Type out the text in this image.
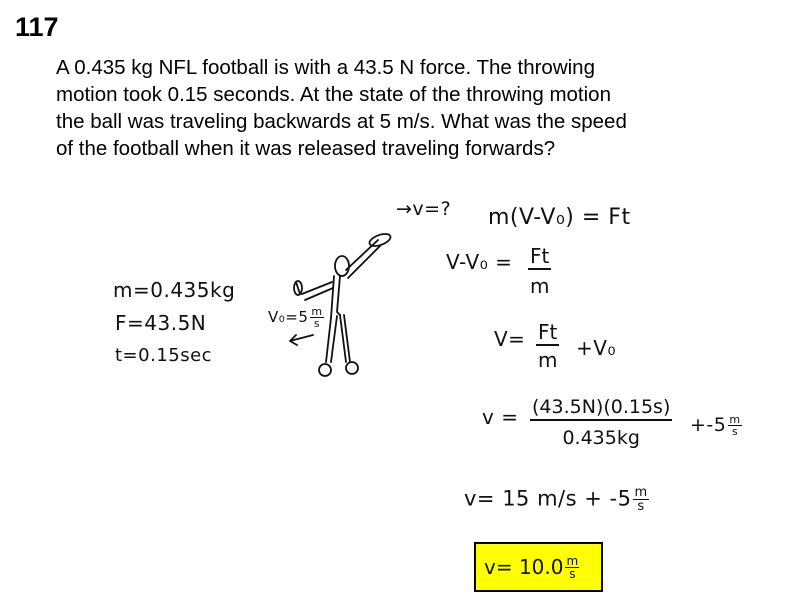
117
A 0.435 kg NFL football is with a 43.5 N force. The throwing
motion took 0.15 seconds. At the state of the throwing motion
the ball was traveling backwards at 5 m/s. What was the speed
of the football when it was released traveling forwards?
m=0.435kg
F=43.5N
t=0.15sec
→v=?
$V_0=5 \frac{m}{s}$
m(V-V₀) = Ft
$V-V_0 = \frac{Ft}{m}$
$V= \frac{Ft}{m} +V_0$
$v = \frac{(43.5N)(0.15s)}{0.435kg} +-5 \frac{m}{s}$
v= 15 $m/s + -5 \frac{m}{s}$
v= 10.0 m
s
